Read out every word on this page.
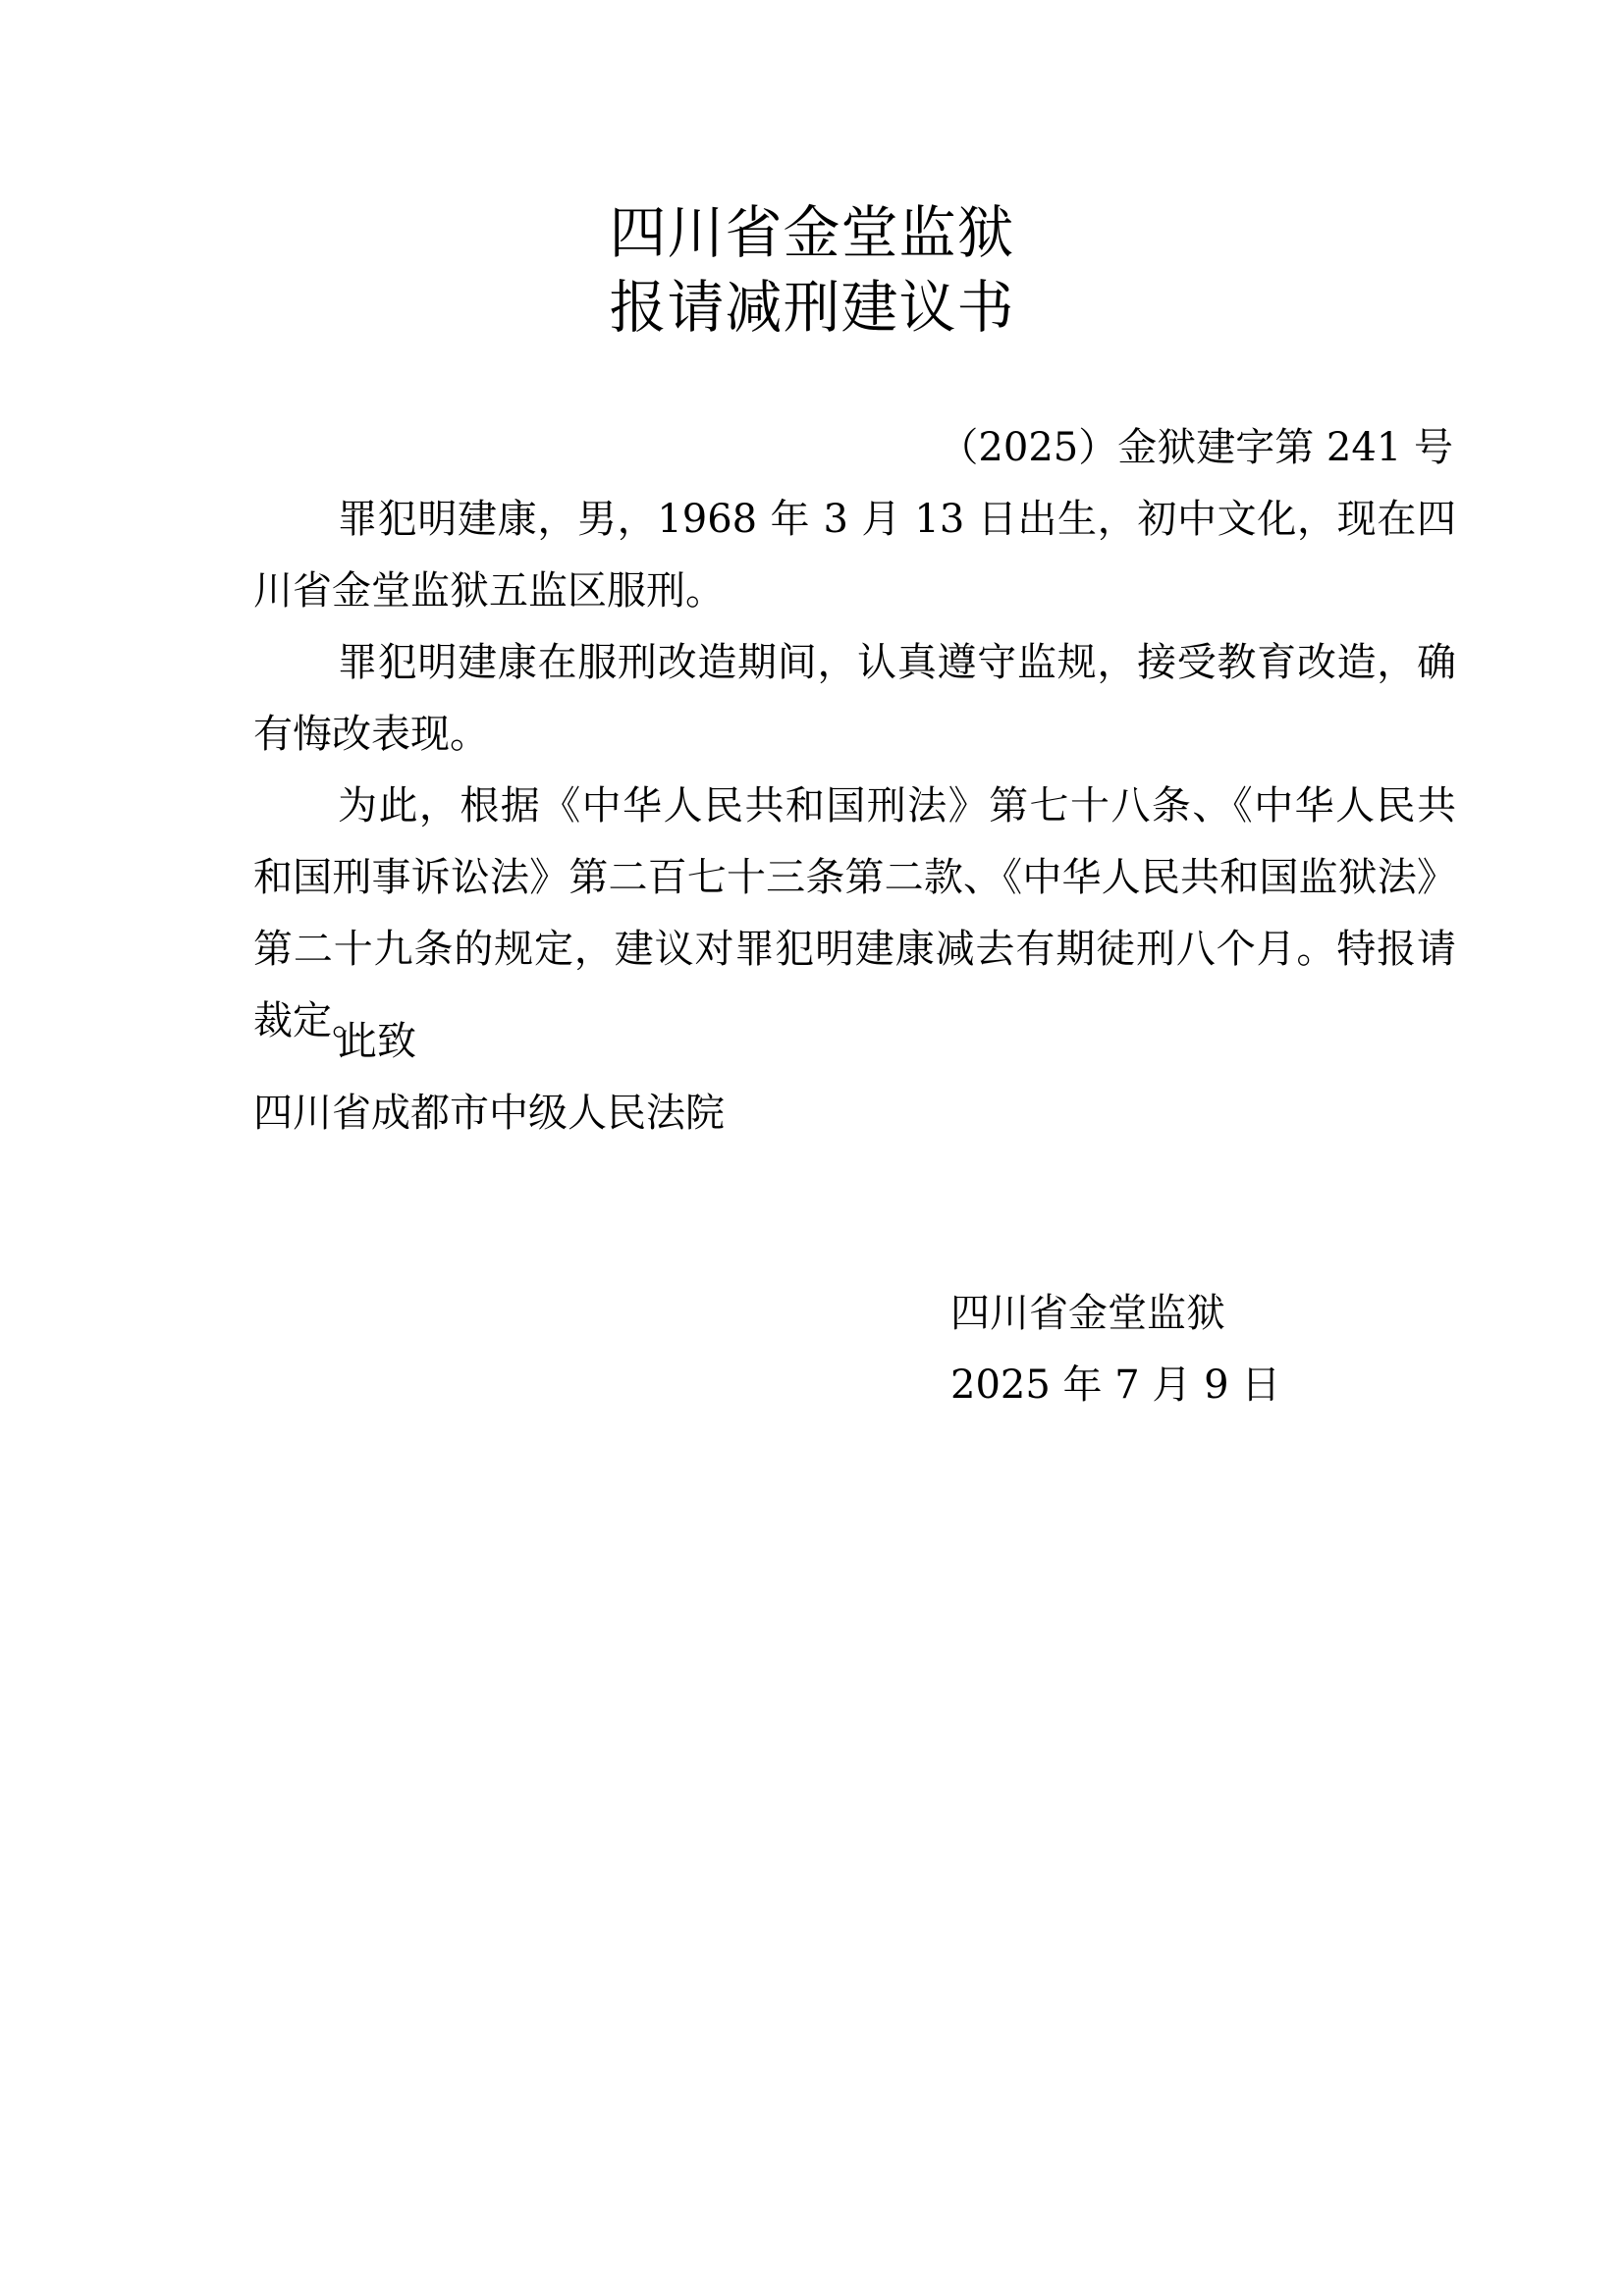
四川省金堂监狱
报请减刑建议书
（2025）金狱建字第 241 号

罪犯明建康，男，1968 年 3 月 13 日出生，初中文化，现在四川省金堂监狱五监区服刑。

罪犯明建康在服刑改造期间，认真遵守监规，接受教育改造，确有悔改表现。

为此，根据《中华人民共和国刑法》第七十八条、《中华人民共和国刑事诉讼法》第二百七十三条第二款、《中华人民共和国监狱法》第二十九条的规定，建议对罪犯明建康减去有期徒刑八个月。特报请裁定。

此致
四川省成都市中级人民法院
四川省金堂监狱
2025 年 7 月 9 日
